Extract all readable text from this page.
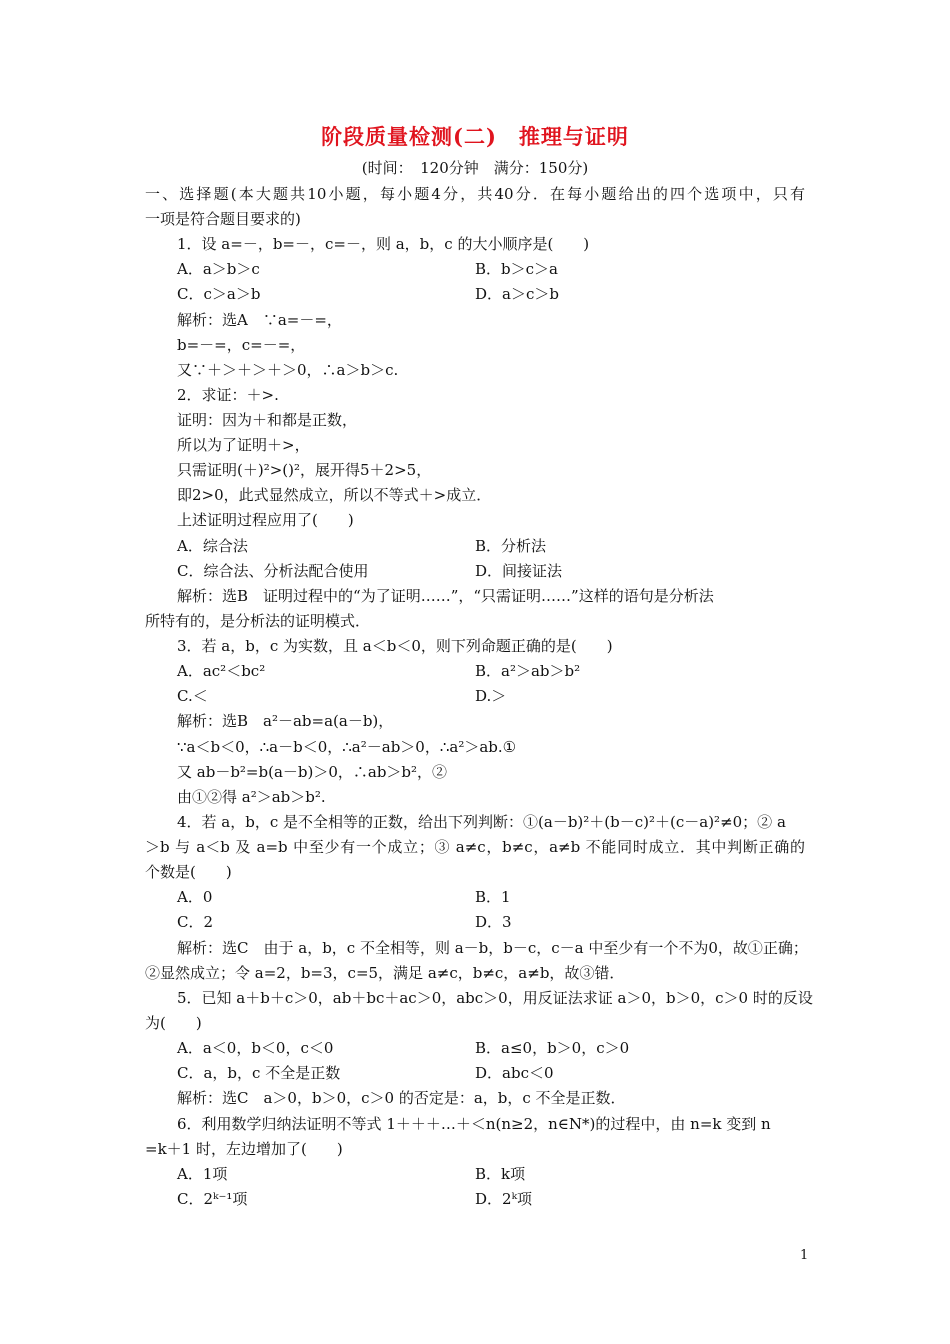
阶段质量检测(二)　推理与证明
(时间：　120分钟　满分：150分)
一、选择题(本大题共10小题，每小题4分，共40分．在每小题给出的四个选项中，只有
一项是符合题目要求的)
1．设 a=－，b=－，c=－，则 a，b，c 的大小顺序是(　　)
A．a＞b＞c	B．b＞c＞a
C．c＞a＞b	D．a＞c＞b
解析：选A　∵a=－=，
b=－=，c=－=，
又∵＋＞＋＞＋＞0，∴a＞b＞c.
2．求证：＋>.
证明：因为＋和都是正数，
所以为了证明＋>，
只需证明(＋)²>()²，展开得5＋2>5，
即2>0，此式显然成立，所以不等式＋>成立．
上述证明过程应用了(　　)
A．综合法	B．分析法
C．综合法、分析法配合使用	D．间接证法
解析：选B　证明过程中的“为了证明……”，“只需证明……”这样的语句是分析法
所特有的，是分析法的证明模式．
3．若 a，b，c 为实数，且 a＜b＜0，则下列命题正确的是(　　)
A．ac²＜bc²	B．a²＞ab＞b²
C.＜	D.＞
解析：选B　a²－ab=a(a－b)，
∵a＜b＜0，∴a－b＜0，∴a²－ab＞0，∴a²＞ab.①
又 ab－b²=b(a－b)＞0，∴ab＞b²，②
由①②得 a²＞ab＞b².
4．若 a，b，c 是不全相等的正数，给出下列判断：①(a－b)²＋(b－c)²＋(c－a)²≠0；② a
＞b 与 a＜b 及 a=b 中至少有一个成立；③ a≠c，b≠c，a≠b 不能同时成立．其中判断正确的
个数是(　　)
A．0	B．1
C．2	D．3
解析：选C　由于 a，b，c 不全相等，则 a－b，b－c，c－a 中至少有一个不为0，故①正确；
②显然成立；令 a=2，b=3，c=5，满足 a≠c，b≠c，a≠b，故③错．
5．已知 a＋b＋c＞0，ab＋bc＋ac＞0，abc＞0，用反证法求证 a＞0，b＞0，c＞0 时的反设
为(　　)
A．a＜0，b＜0，c＜0	B．a≤0，b＞0，c＞0
C．a，b，c 不全是正数	D．abc＜0
解析：选C　a＞0，b＞0，c＞0 的否定是：a，b，c 不全是正数．
6．利用数学归纳法证明不等式 1＋＋＋…＋＜n(n≥2，n∈N*)的过程中，由 n=k 变到 n
=k＋1 时，左边增加了(　　)
A．1项	B．k项
C．2ᵏ⁻¹项	D．2ᵏ项
1
